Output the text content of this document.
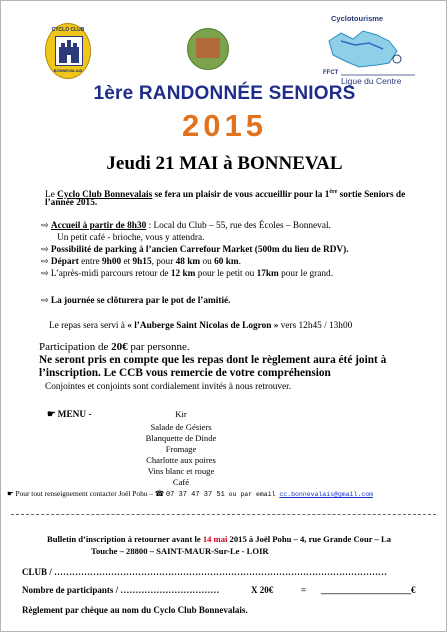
CYCLO CLUB
BONNEVALAIS
Cyclotourisme
FFCT
Ligue du Centre
1ère RANDONNÉE SENIORS
2015
Jeudi 21 MAI à BONNEVAL
Le Cyclo Club Bonnevalais se fera un plaisir de vous accueillir pour la 1ère sortie Seniors de
l’année 2015.
⇨ Accueil à partir de 8h30 : Local du Club – 55, rue des Écoles – Bonneval.
Un petit café - brioche, vous y attendra.
⇨ Possibilité de parking à l’ancien Carrefour Market (500m du lieu de RDV).
⇨ Départ entre 9h00 et 9h15, pour 48 km ou 60 km.
⇨ L’après-midi parcours retour de 12 km pour le petit ou 17km pour le grand.
⇨ La journée se clôturera par le pot de l’amitié.
Le repas sera servi à « l’Auberge Saint Nicolas de Logron » vers 12h45 / 13h00
Participation de 20€ par personne.
Ne seront pris en compte que les repas dont le règlement aura été joint à
l’inscription. Le CCB vous remercie de votre compréhension
Conjointes et conjoints sont cordialement invités à nous retrouver.
☛ MENU -	Kir
Salade de Gésiers
Blanquette de Dinde
Fromage
Charlotte aux poires
Vins blanc et rouge
Café
☛ Pour tout renseignement contacter Joël Pohu – ☎ 07 37 47 37 51 ou par email cc.bonnevalais@gmail.com
Bulletin d’inscription à retourner avant le 14 mai 2015 à Joël Pohu – 4, rue Grande Cour – La
Touche – 28800 – SAINT-MAUR-Sur-Le - LOIR
CLUB / …………………………………………………………………………………………………
Nombre de participants / ……………………………	X 20€	= ____________________€
Règlement par chèque au nom du Cyclo Club Bonnevalais.
